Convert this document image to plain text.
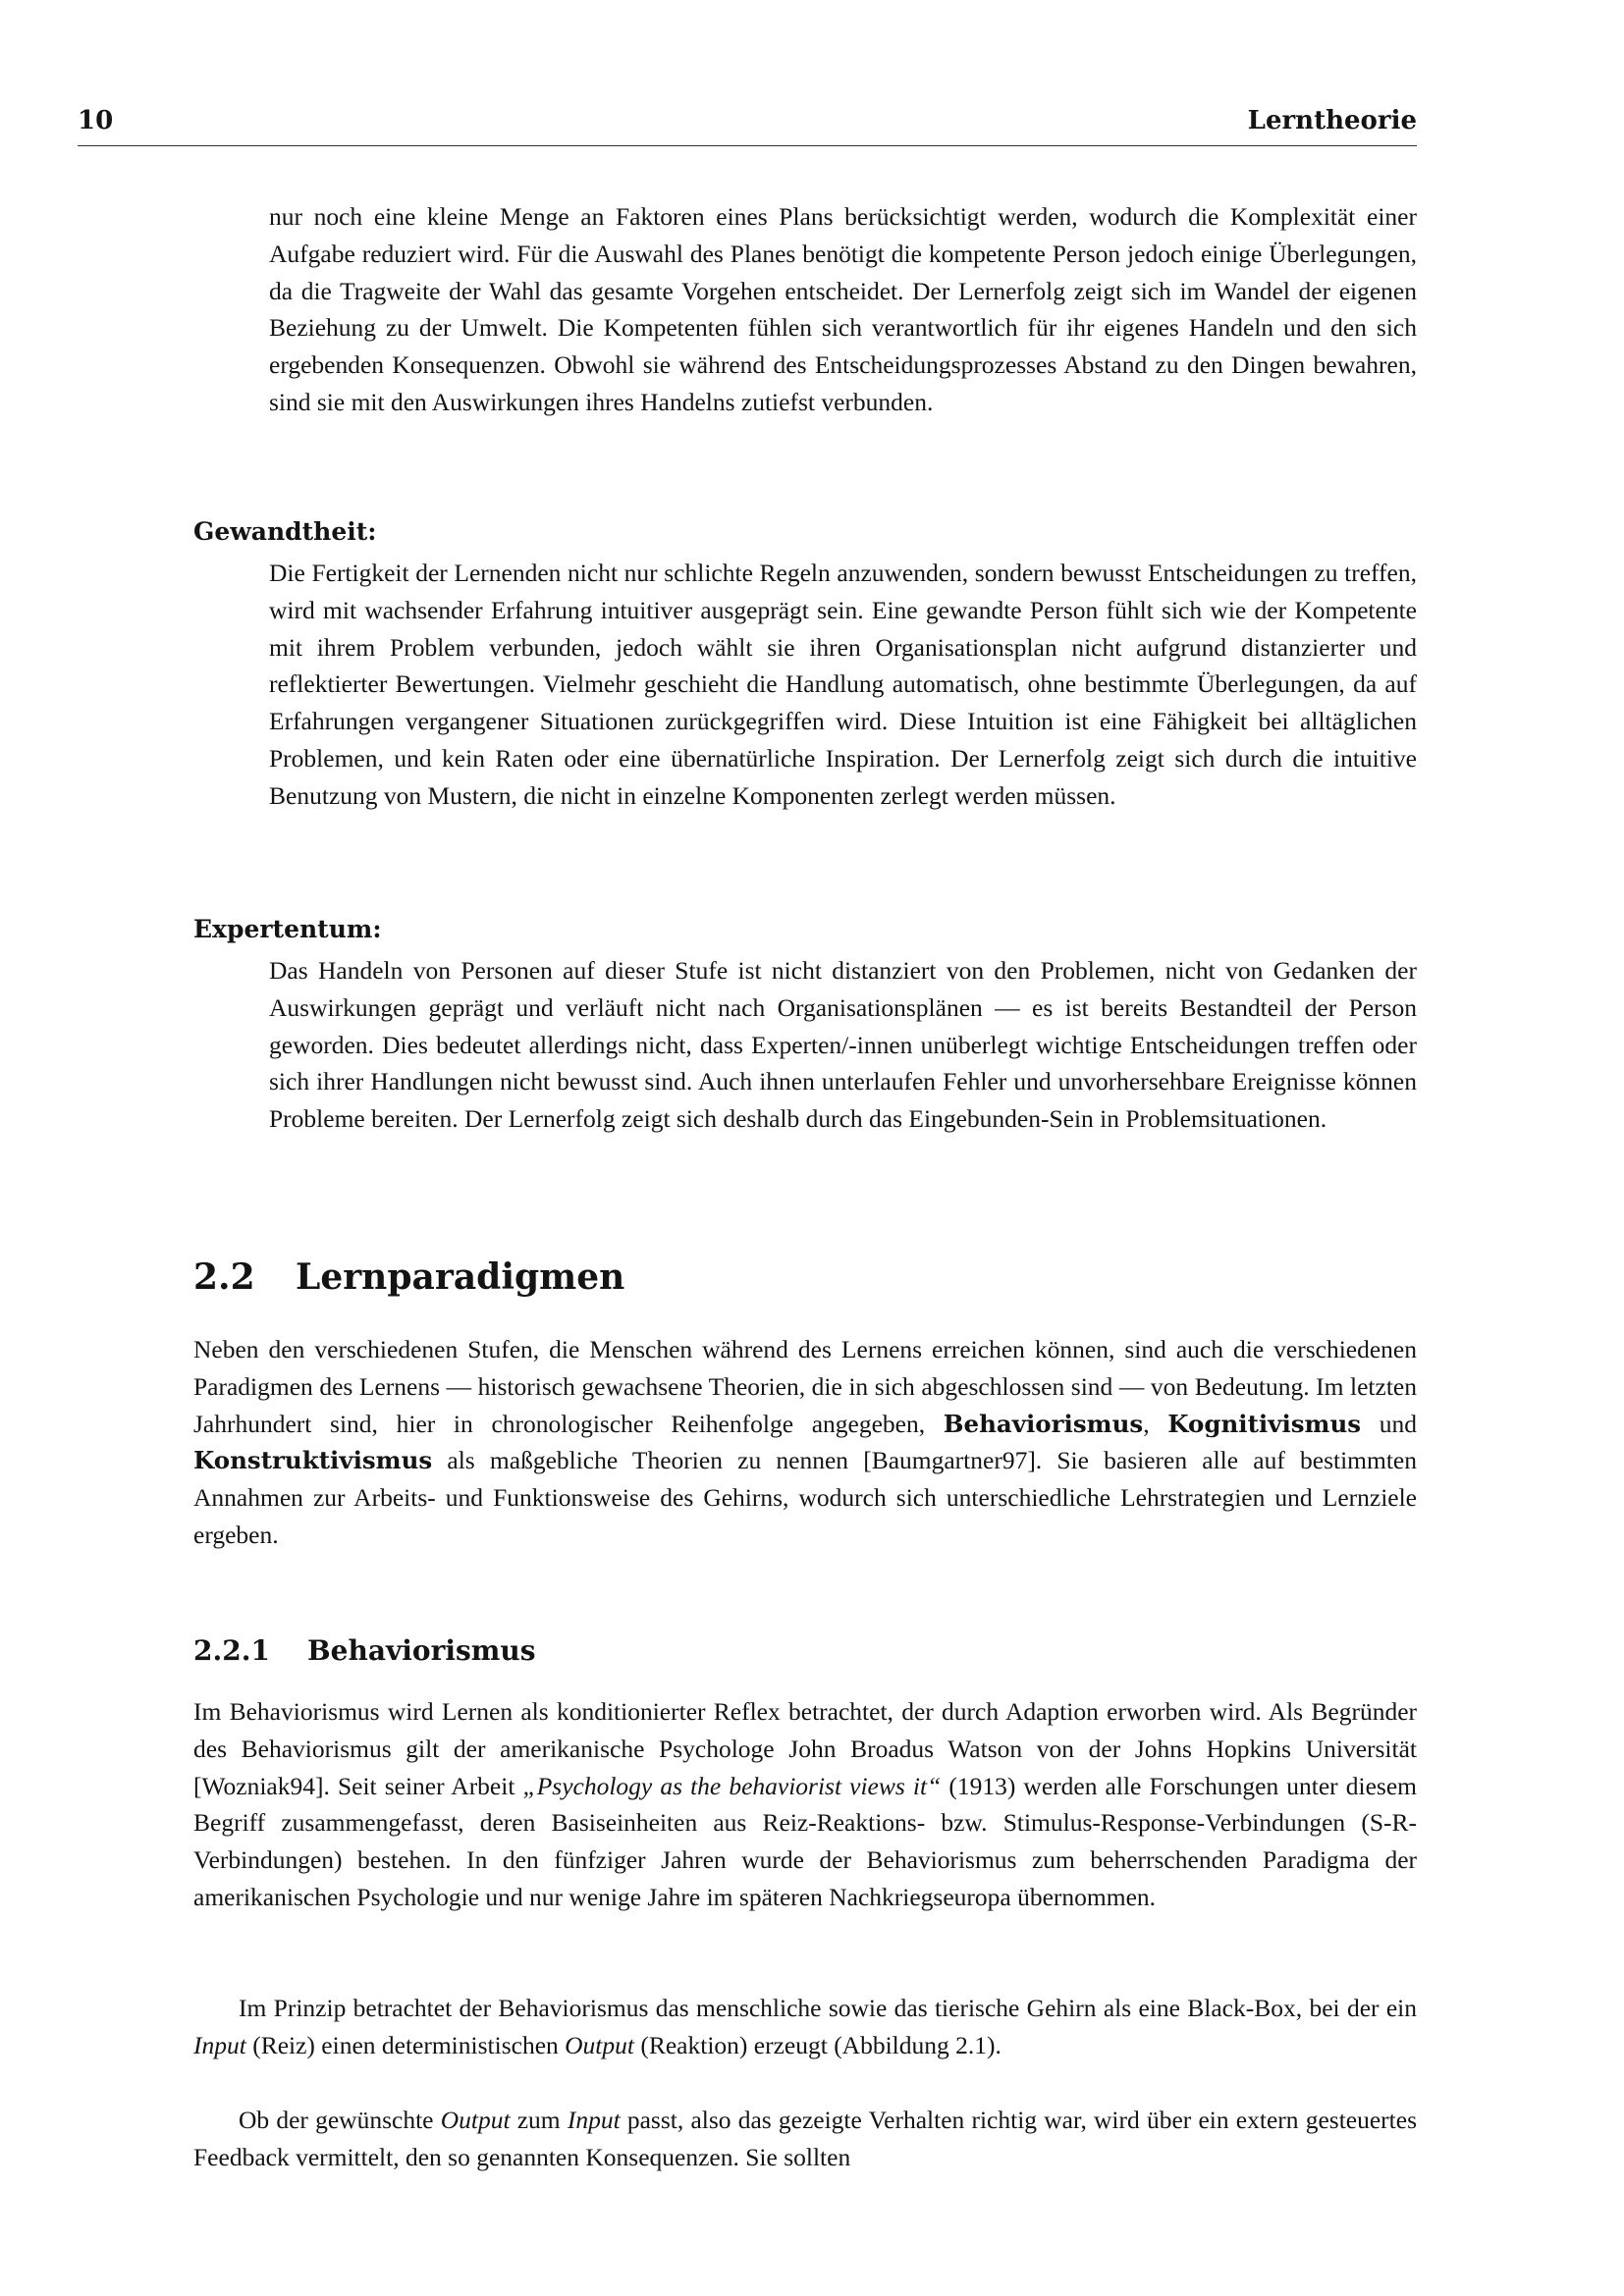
10	Lerntheorie

nur noch eine kleine Menge an Faktoren eines Plans berücksichtigt werden, wodurch die Komplexität einer Aufgabe reduziert wird. Für die Auswahl des Planes benötigt die kompetente Person jedoch einige Überlegungen, da die Tragweite der Wahl das gesamte Vorgehen entscheidet. Der Lernerfolg zeigt sich im Wandel der eigenen Beziehung zu der Umwelt. Die Kompetenten fühlen sich verantwortlich für ihr eigenes Handeln und den sich ergebenden Konsequenzen. Obwohl sie während des Entscheidungsprozesses Abstand zu den Dingen bewahren, sind sie mit den Auswirkungen ihres Handelns zutiefst verbunden.

Gewandtheit:

Die Fertigkeit der Lernenden nicht nur schlichte Regeln anzuwenden, sondern bewusst Entscheidungen zu treffen, wird mit wachsender Erfahrung intuitiver ausgeprägt sein. Eine gewandte Person fühlt sich wie der Kompetente mit ihrem Problem verbunden, jedoch wählt sie ihren Organisationsplan nicht aufgrund distanzierter und reflektierter Bewertungen. Vielmehr geschieht die Handlung automatisch, ohne bestimmte Überlegungen, da auf Erfahrungen vergangener Situationen zurückgegriffen wird. Diese Intuition ist eine Fähigkeit bei alltäglichen Problemen, und kein Raten oder eine übernatürliche Inspiration. Der Lernerfolg zeigt sich durch die intuitive Benutzung von Mustern, die nicht in einzelne Komponenten zerlegt werden müssen.

Expertentum:

Das Handeln von Personen auf dieser Stufe ist nicht distanziert von den Problemen, nicht von Gedanken der Auswirkungen geprägt und verläuft nicht nach Organisationsplänen — es ist bereits Bestandteil der Person geworden. Dies bedeutet allerdings nicht, dass Experten/-innen unüberlegt wichtige Entscheidungen treffen oder sich ihrer Handlungen nicht bewusst sind. Auch ihnen unterlaufen Fehler und unvorhersehbare Ereignisse können Probleme bereiten. Der Lernerfolg zeigt sich deshalb durch das Eingebunden-Sein in Problemsituationen.

2.2 Lernparadigmen

Neben den verschiedenen Stufen, die Menschen während des Lernens erreichen können, sind auch die verschiedenen Paradigmen des Lernens — historisch gewachsene Theorien, die in sich abgeschlossen sind — von Bedeutung. Im letzten Jahrhundert sind, hier in chronologischer Reihenfolge angegeben, Behaviorismus, Kognitivismus und Konstruktivismus als maßgebliche Theorien zu nennen [Baumgartner97]. Sie basieren alle auf bestimmten Annahmen zur Arbeits- und Funktionsweise des Gehirns, wodurch sich unterschiedliche Lehrstrategien und Lernziele ergeben.

2.2.1 Behaviorismus

Im Behaviorismus wird Lernen als konditionierter Reflex betrachtet, der durch Adaption erworben wird. Als Begründer des Behaviorismus gilt der amerikanische Psychologe John Broadus Watson von der Johns Hopkins Universität [Wozniak94]. Seit seiner Arbeit „Psychology as the behaviorist views it“ (1913) werden alle Forschungen unter diesem Begriff zusammengefasst, deren Basiseinheiten aus Reiz-Reaktions- bzw. Stimulus-Response-Verbindungen (S-R-Verbindungen) bestehen. In den fünfziger Jahren wurde der Behaviorismus zum beherrschenden Paradigma der amerikanischen Psychologie und nur wenige Jahre im späteren Nachkriegseuropa übernommen.

Im Prinzip betrachtet der Behaviorismus das menschliche sowie das tierische Gehirn als eine Black-Box, bei der ein Input (Reiz) einen deterministischen Output (Reaktion) erzeugt (Abbildung 2.1).

Ob der gewünschte Output zum Input passt, also das gezeigte Verhalten richtig war, wird über ein extern gesteuertes Feedback vermittelt, den so genannten Konsequenzen. Sie sollten
